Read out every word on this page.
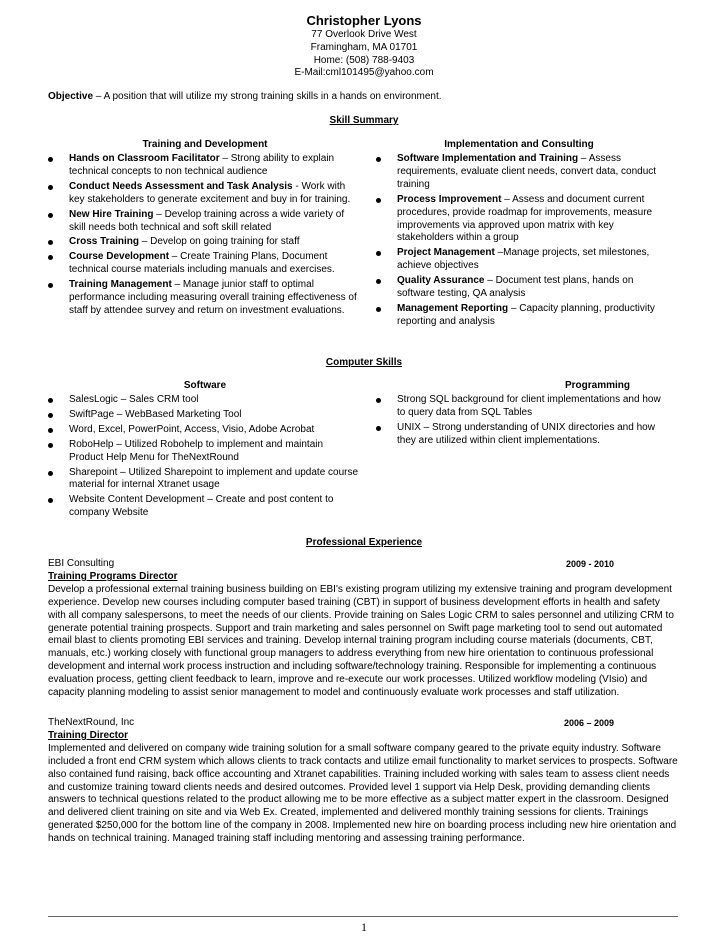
Christopher Lyons
77 Overlook Drive West
Framingham, MA 01701
Home: (508) 788-9403
E-Mail:cml101495@yahoo.com
Objective – A position that will utilize my strong training skills in a hands on environment.
Skill Summary
Training and Development	Implementation and Consulting
Hands on Classroom Facilitator – Strong ability to explain technical concepts to non technical audience
Conduct Needs Assessment and Task Analysis - Work with key stakeholders to generate excitement and buy in for training.
New Hire Training – Develop training across a wide variety of skill needs both technical and soft skill related
Cross Training – Develop on going training for staff
Course Development – Create Training Plans, Document technical course materials including manuals and exercises.
Training Management – Manage junior staff to optimal performance including measuring overall training effectiveness of staff by attendee survey and return on investment evaluations.
Software Implementation and Training – Assess requirements, evaluate client needs, convert data, conduct training
Process Improvement – Assess and document current procedures, provide roadmap for improvements, measure improvements via approved upon matrix with key stakeholders within a group
Project Management –Manage projects, set milestones, achieve objectives
Quality Assurance – Document test plans, hands on software testing, QA analysis
Management Reporting – Capacity planning, productivity reporting and analysis
Computer Skills
Software	Programming
SalesLogic – Sales CRM tool
SwiftPage – WebBased Marketing Tool
Word, Excel, PowerPoint, Access, Visio, Adobe Acrobat
RoboHelp – Utilized Robohelp to implement and maintain Product Help Menu for TheNextRound
Sharepoint – Utilized Sharepoint to implement and update course material for internal Xtranet usage
Website Content Development – Create and post content to company Website
Strong SQL background for client implementations and how to query data from SQL Tables
UNIX – Strong understanding of UNIX directories and how they are utilized within client implementations.
Professional Experience
EBI Consulting	2009 - 2010
Training Programs Director
Develop a professional external training business building on EBI's existing program utilizing my extensive training and program development experience. Develop new courses including computer based training (CBT) in support of business development efforts in health and safety with all company salespersons, to meet the needs of our clients. Provide training on Sales Logic CRM to sales personnel and utilizing CRM to generate potential training prospects. Support and train marketing and sales personnel on Swift page marketing tool to send out automated email blast to clients promoting EBI services and training. Develop internal training program including course materials (documents, CBT, manuals, etc.) working closely with functional group managers to address everything from new hire orientation to continuous professional development and internal work process instruction and including software/technology training. Responsible for implementing a continuous evaluation process, getting client feedback to learn, improve and re-execute our work processes. Utilized workflow modeling (VIsio) and capacity planning modeling to assist senior management to model and continuously evaluate work processes and staff utilization.
TheNextRound, Inc	2006 – 2009
Training Director
Implemented and delivered on company wide training solution for a small software company geared to the private equity industry. Software included a front end CRM system which allows clients to track contacts and utilize email functionality to market services to prospects. Software also contained fund raising, back office accounting and Xtranet capabilities. Training included working with sales team to assess client needs and customize training toward clients needs and desired outcomes. Provided level 1 support via Help Desk, providing demanding clients answers to technical questions related to the product allowing me to be more effective as a subject matter expert in the classroom. Designed and delivered client training on site and via Web Ex. Created, implemented and delivered monthly training sessions for clients. Trainings generated $250,000 for the bottom line of the company in 2008. Implemented new hire on boarding process including new hire orientation and hands on technical training. Managed training staff including mentoring and assessing training performance.
1
